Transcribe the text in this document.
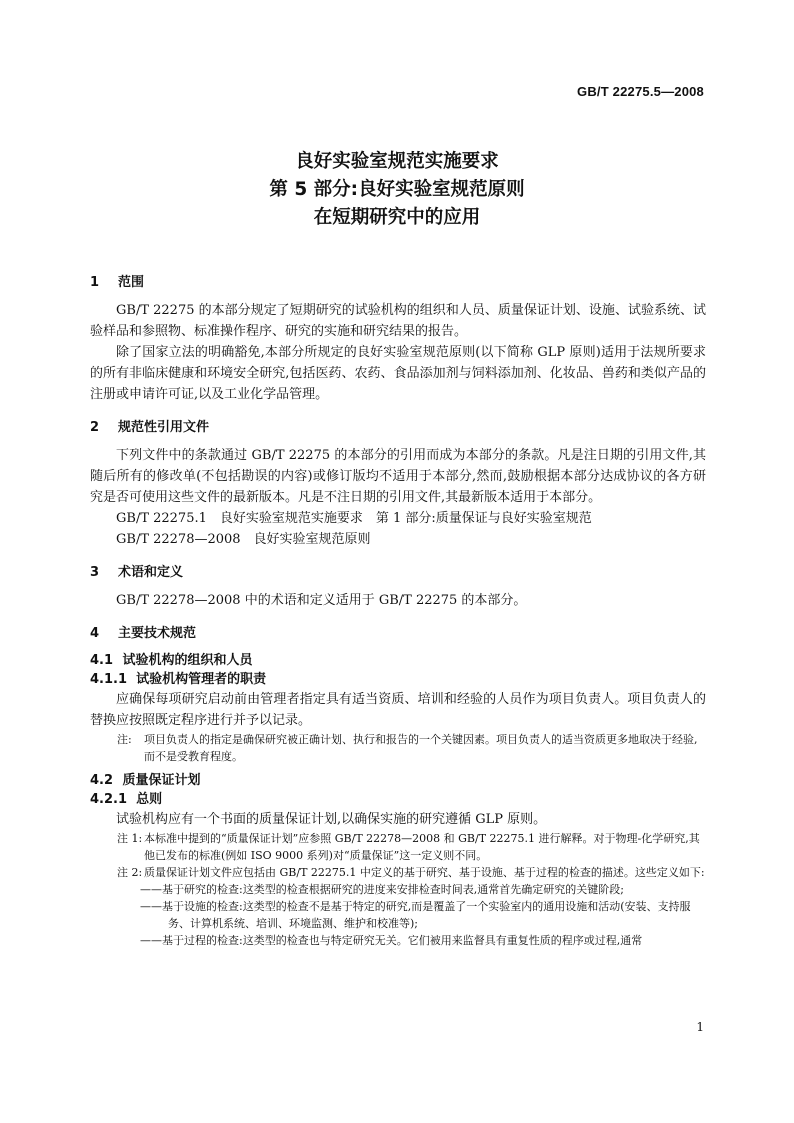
GB/T 22275.5—2008
良好实验室规范实施要求
第 5 部分:良好实验室规范原则
在短期研究中的应用
1 范围

GB/T 22275 的本部分规定了短期研究的试验机构的组织和人员、质量保证计划、设施、试验系统、试验样品和参照物、标准操作程序、研究的实施和研究结果的报告。

除了国家立法的明确豁免,本部分所规定的良好实验室规范原则(以下简称 GLP 原则)适用于法规所要求的所有非临床健康和环境安全研究,包括医药、农药、食品添加剂与饲料添加剂、化妆品、兽药和类似产品的注册或申请许可证,以及工业化学品管理。

2 规范性引用文件

下列文件中的条款通过 GB/T 22275 的本部分的引用而成为本部分的条款。凡是注日期的引用文件,其随后所有的修改单(不包括勘误的内容)或修订版均不适用于本部分,然而,鼓励根据本部分达成协议的各方研究是否可使用这些文件的最新版本。凡是不注日期的引用文件,其最新版本适用于本部分。

GB/T 22275.1　良好实验室规范实施要求　第 1 部分:质量保证与良好实验室规范

GB/T 22278—2008　良好实验室规范原则

3 术语和定义

GB/T 22278—2008 中的术语和定义适用于 GB/T 22275 的本部分。

4 主要技术规范
4.1 试验机构的组织和人员
4.1.1 试验机构管理者的职责

应确保每项研究启动前由管理者指定具有适当资质、培训和经验的人员作为项目负责人。项目负责人的替换应按照既定程序进行并予以记录。

注: 项目负责人的指定是确保研究被正确计划、执行和报告的一个关键因素。项目负责人的适当资质更多地取决于经验,而不是受教育程度。

4.2 质量保证计划
4.2.1 总则

试验机构应有一个书面的质量保证计划,以确保实施的研究遵循 GLP 原则。

注 1: 本标准中提到的“质量保证计划”应参照 GB/T 22278—2008 和 GB/T 22275.1 进行解释。对于物理-化学研究,其他已发布的标准(例如 ISO 9000 系列)对“质量保证”这一定义则不同。

注 2: 质量保证计划文件应包括由 GB/T 22275.1 中定义的基于研究、基于设施、基于过程的检查的描述。这些定义如下:

——基于研究的检查:这类型的检查根据研究的进度来安排检查时间表,通常首先确定研究的关键阶段;

——基于设施的检查:这类型的检查不是基于特定的研究,而是覆盖了一个实验室内的通用设施和活动(安装、支持服务、计算机系统、培训、环境监测、维护和校准等);

——基于过程的检查:这类型的检查也与特定研究无关。它们被用来监督具有重复性质的程序或过程,通常

1
